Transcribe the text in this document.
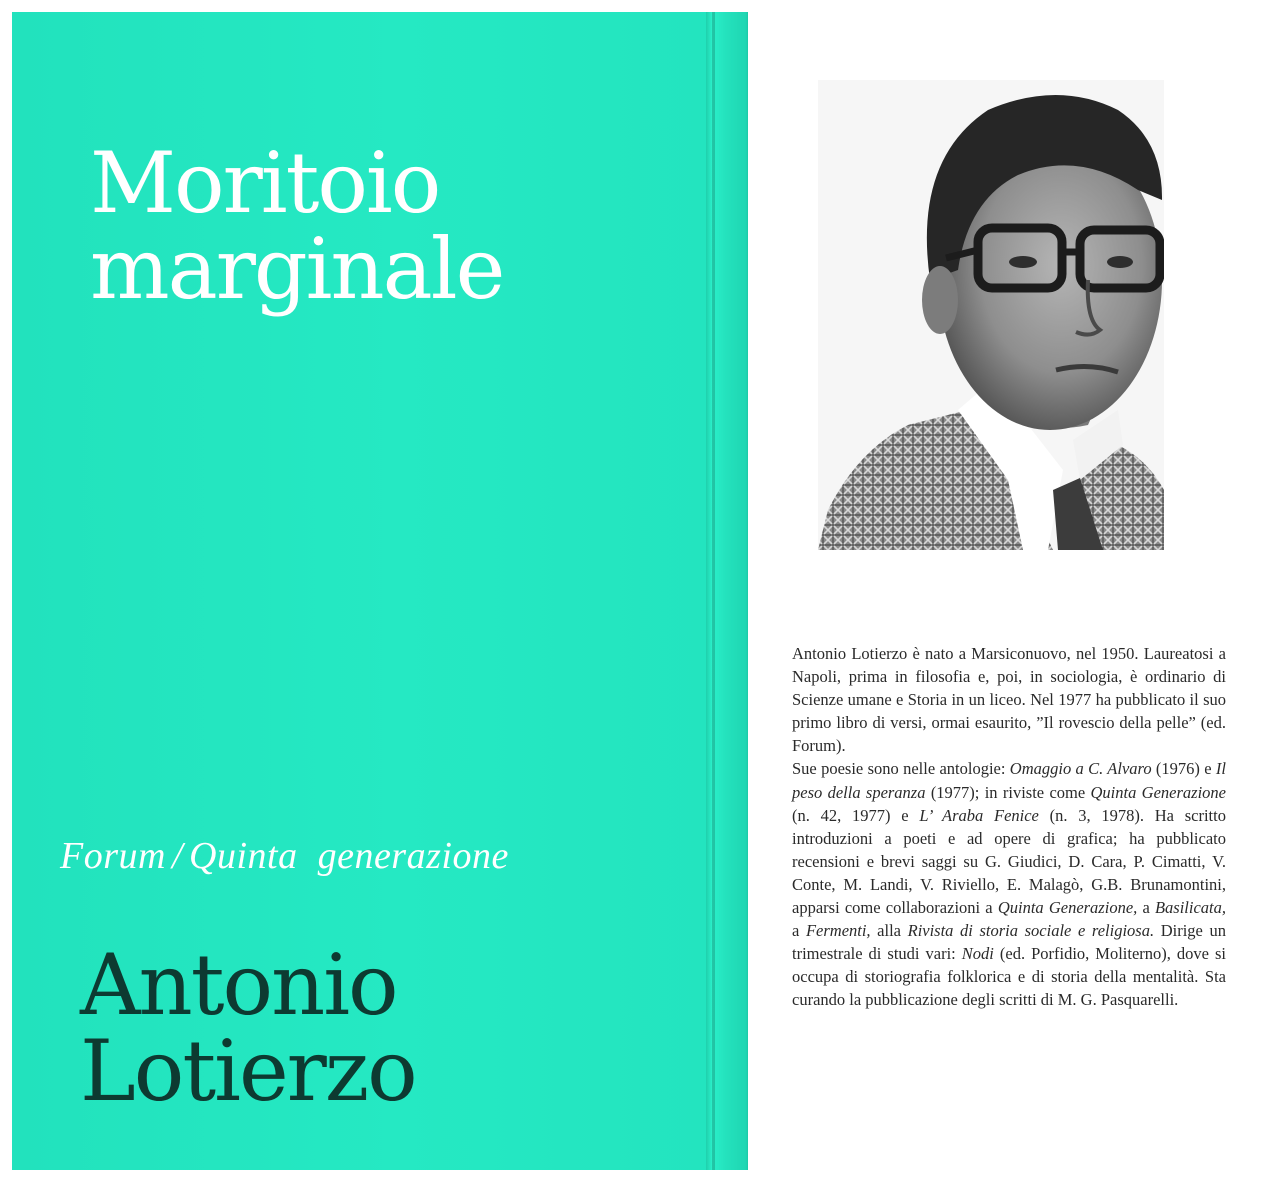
Moritoio
marginale
Forum / Quinta  generazione
Antonio
Lotierzo

Antonio Lotierzo è nato a Marsiconuovo, nel 1950. Laureatosi a Napoli, prima in filosofia e, poi, in sociologia, è ordinario di Scienze umane e Storia in un liceo. Nel 1977 ha pubblicato il suo primo libro di versi, ormai esaurito, ”Il rovescio della pelle” (ed. Forum).

Sue poesie sono nelle antologie: Omaggio a C. Alvaro (1976) e Il peso della speranza (1977); in riviste come Quinta Generazione (n. 42, 1977) e L’ Araba Fenice (n. 3, 1978). Ha scritto introduzioni a poeti e ad opere di grafica; ha pubblicato recensioni e brevi saggi su G. Giudici, D. Cara, P. Cimatti, V. Conte, M. Landi, V. Riviello, E. Malagò, G.B. Brunamontini, apparsi come collaborazioni a Quinta Generazione, a Basilicata, a Fermenti, alla Rivista di storia sociale e religiosa. Dirige un trimestrale di studi vari: Nodi (ed. Porfidio, Moliterno), dove si occupa di storiografia folklorica e di storia della mentalità. Sta curando la pubblicazione degli scritti di M. G. Pasquarelli.
